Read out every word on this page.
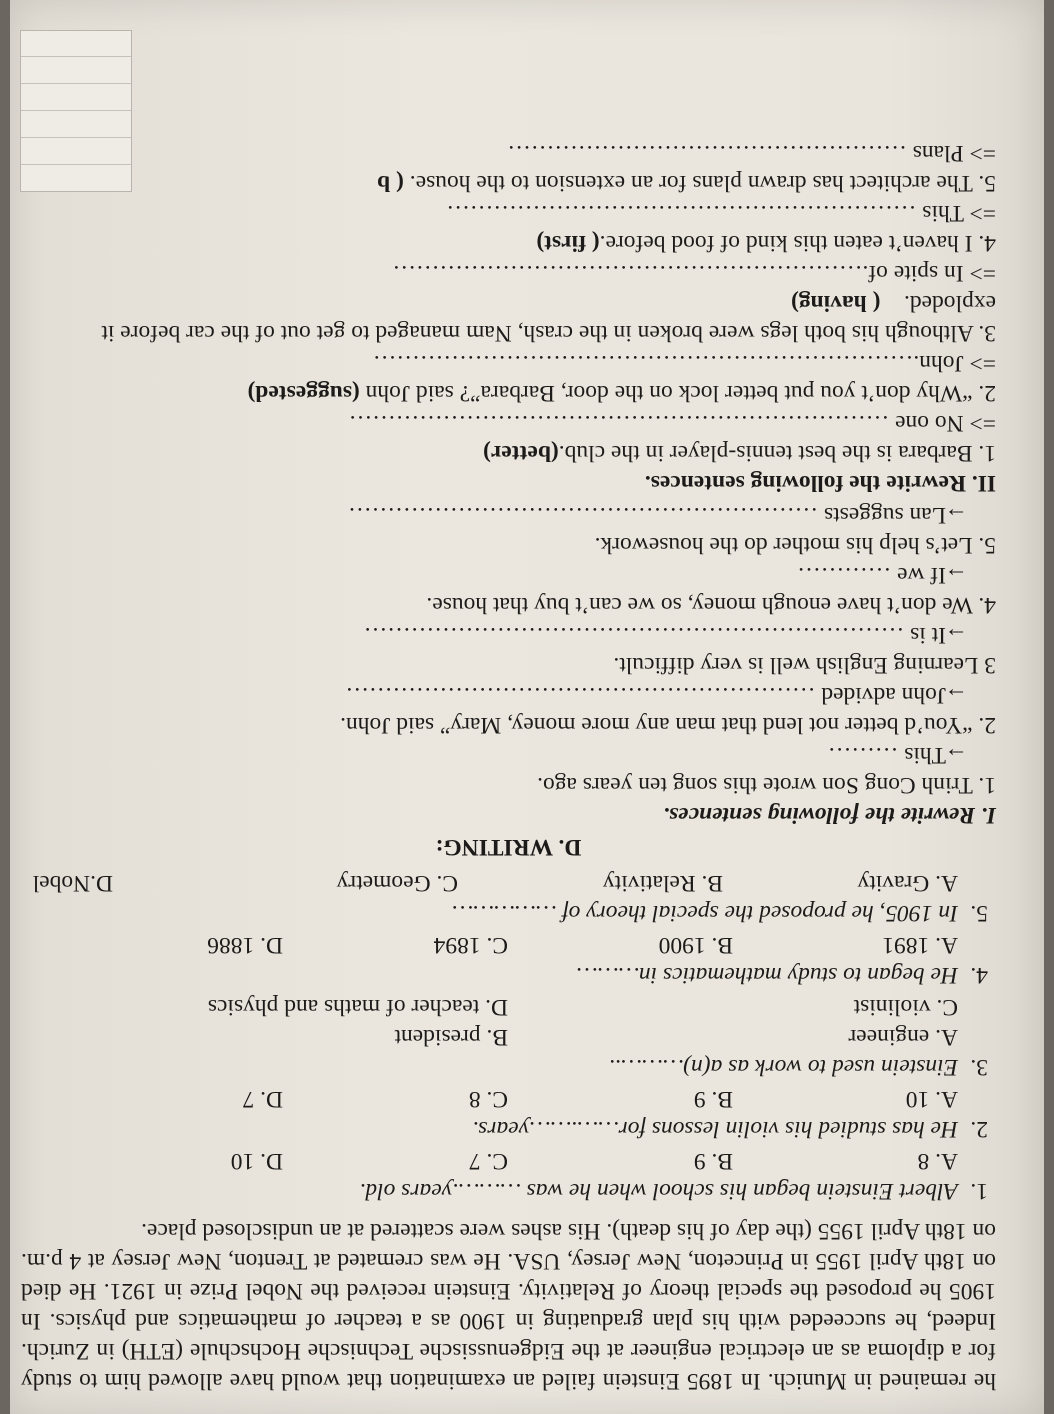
he remained in Munich. In 1895 Einstein failed an examination that would have allowed him to study for a diploma as an electrical engineer at the Eidgenussische Technische Hochschule (ETH) in Zurich. Indeed, he succeeded with his plan graduating in 1900 as a teacher of mathematics and physics. In 1905 he proposed the special theory of Relativity. Einstein received the Nobel Prize in 1921. He died on 18th April 1955 in Princeton, New Jersey, USA. He was cremated at Trenton, New Jersey at 4 p.m. on 18th April 1955 (the day of his death). His ashes were scattered at an undisclosed place.

1.
Albert Einstein began his school when he was ……….years old.
A. 8
B. 9
C. 7
D. 10
2.
He has studied his violin lessons for…….……years.
A. 10
B. 9
C. 8
D. 7
3.
Einstein used to work as a(n)………..
A. engineer
B. president
C. violinist
D. teacher of maths and physics
4.
He began to study mathematics in………
A. 1891
B. 1900
C. 1894
D. 1886
5.
In 1905, he proposed the special theory of ……………
A. Gravity
B. Relativity
C. Geometry
D.Nobel
D. WRITING:
I. Rewrite the following sentences.

1. Trinh Cong Son wrote this song ten years ago.

→This ………

2. “You’d better not lend that man any more money, Mary” said John.

→John advided ……………………………………………………

3 Learning English well is very difficult.

→It is ……………………………………………………………

4. We don’t have enough money, so we can’t buy that house.

→If we …………

5. Let’s help his mother do the housework.

→Lan suggests ……………………………………………………

II. Rewrite the following sentences.

1. Barbara is the best tennis-player in the club.(better)

=> No one ……………………………………………………………

2. “Why don’t you put better lock on the door, Barbara”? said John (suggested)

=> John.……………………………………………………………

3. Although his both legs were broken in the crash, Nam managed to get out of the car before it exploded.    ( having)

=> In spite of.……………………………………………………

4. I haven’t eaten this kind of food before.( first)

=> This ……………………………………………………

5. The architect has drawn plans for an extension to the house. ( b

=> Plans ……………………………………………
